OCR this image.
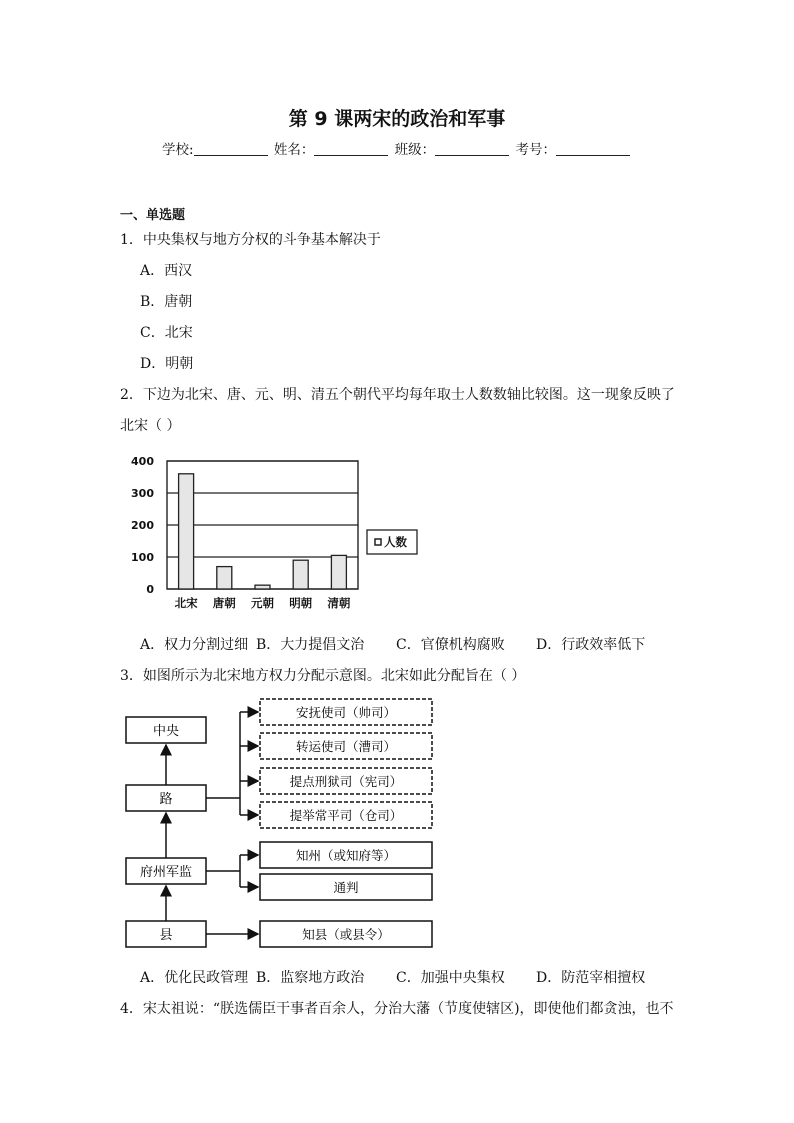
第 9 课两宋的政治和军事
学校:	姓名：	班级：	考号：
一、单选题
1．中央集权与地方分权的斗争基本解决于
A．西汉
B．唐朝
C．北宋
D．明朝
2．下边为北宋、唐、元、明、清五个朝代平均每年取士人数数轴比较图。这一现象反映了
北宋（ ）
0
100
200
300
400
北宋 唐朝 元朝 明朝 清朝
人数
A．权力分割过细 B．大力提倡文治 C．官僚机构腐败 D．行政效率低下
3．如图所示为北宋地方权力分配示意图。北宋如此分配旨在（ ）
中央
路
府州军监
县
安抚使司（帅司）
转运使司（漕司）
提点刑狱司（宪司）
提举常平司（仓司）
知州（或知府等）
通判
知县（或县令）
A．优化民政管理 B．监察地方政治 C．加强中央集权 D．防范宰相擅权
4．宋太祖说：“朕选儒臣干事者百余人，分治大藩（节度使辖区)，即使他们都贪浊，也不
